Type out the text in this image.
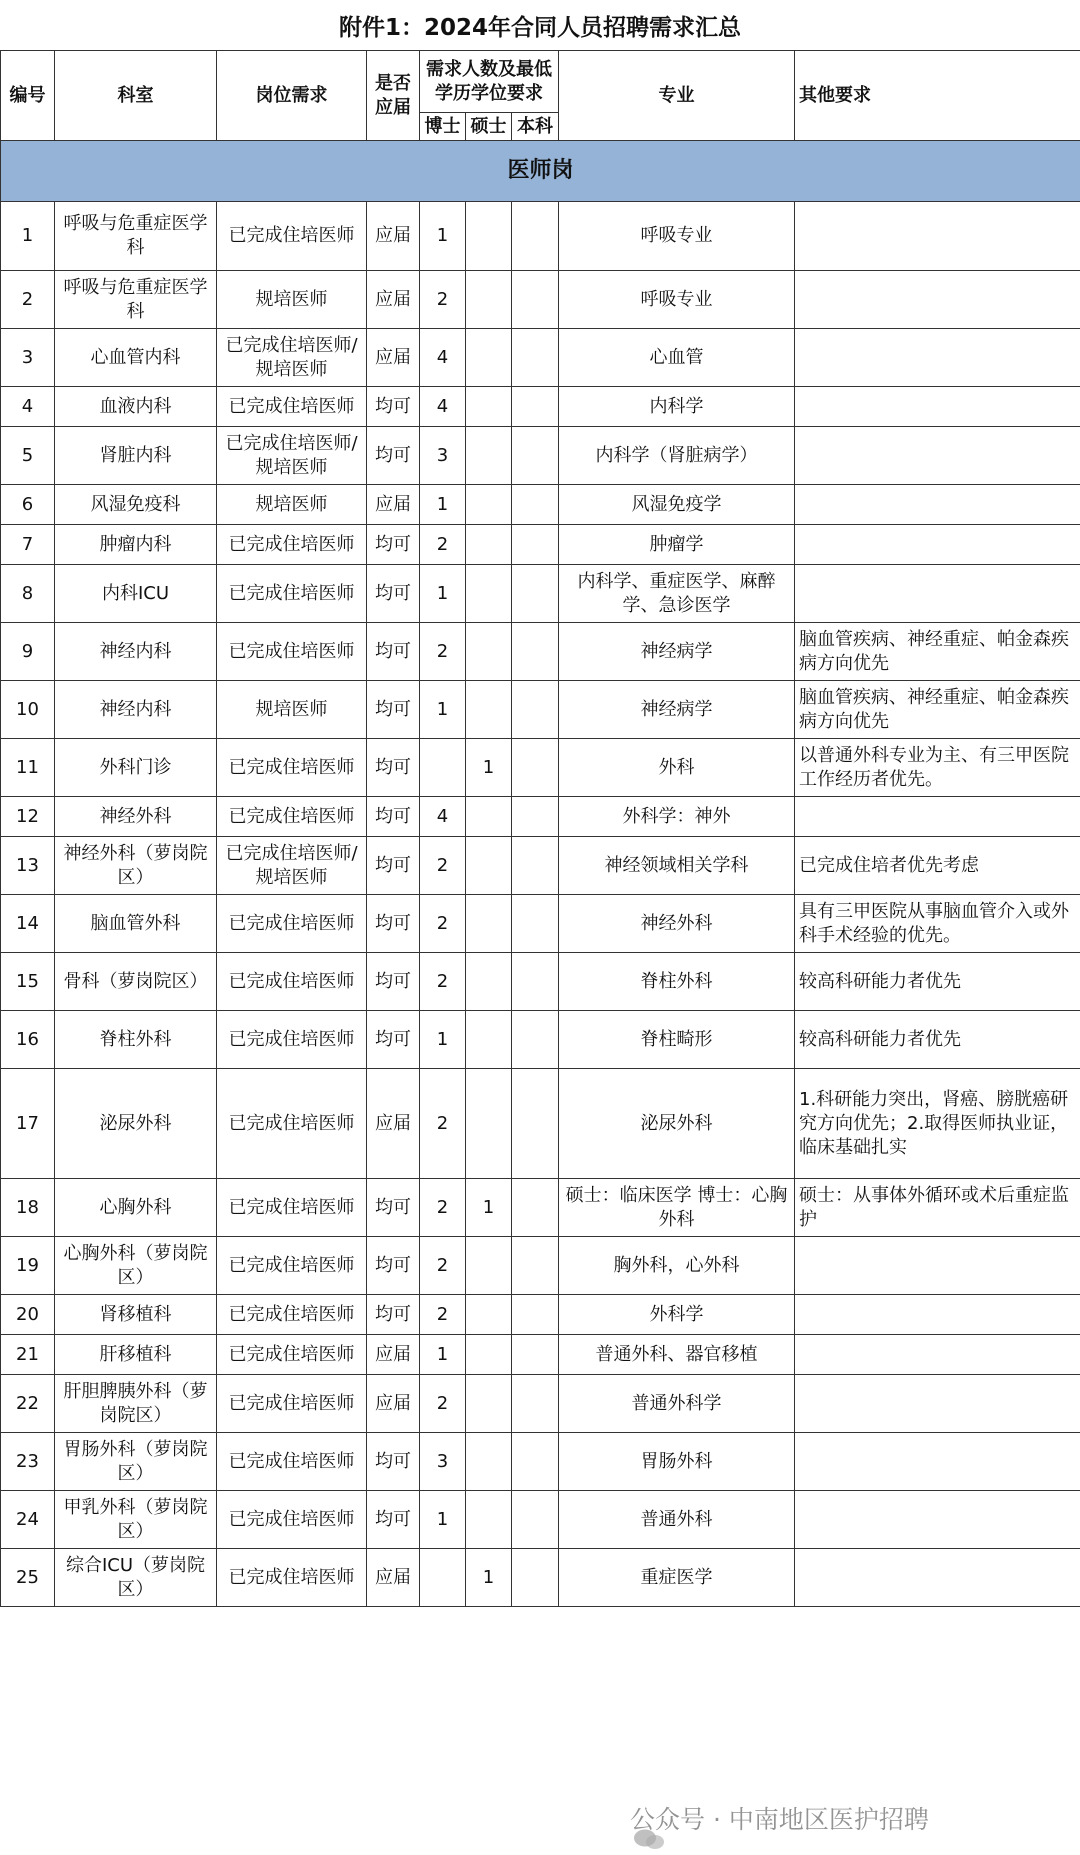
附件1：2024年合同人员招聘需求汇总
编号	科室	岗位需求	是否应届	需求人数及最低学历学位要求			专业	其他要求
				博士	硕士	本科		
医师岗								
1	呼吸与危重症医学科	已完成住培医师	应届	1			呼吸专业	
2	呼吸与危重症医学科	规培医师	应届	2			呼吸专业	
3	心血管内科	已完成住培医师/规培医师	应届	4			心血管	
4	血液内科	已完成住培医师	均可	4			内科学	
5	肾脏内科	已完成住培医师/规培医师	均可	3			内科学（肾脏病学）	
6	风湿免疫科	规培医师	应届	1			风湿免疫学	
7	肿瘤内科	已完成住培医师	均可	2			肿瘤学	
8	内科ICU	已完成住培医师	均可	1			内科学、重症医学、麻醉学、急诊医学	
9	神经内科	已完成住培医师	均可	2			神经病学	脑血管疾病、神经重症、帕金森疾病方向优先
10	神经内科	规培医师	均可	1			神经病学	脑血管疾病、神经重症、帕金森疾病方向优先
11	外科门诊	已完成住培医师	均可		1		外科	以普通外科专业为主、有三甲医院工作经历者优先。
12	神经外科	已完成住培医师	均可	4			外科学：神外	
13	神经外科（萝岗院区）	已完成住培医师/规培医师	均可	2			神经领域相关学科	已完成住培者优先考虑
14	脑血管外科	已完成住培医师	均可	2			神经外科	具有三甲医院从事脑血管介入或外科手术经验的优先。
15	骨科（萝岗院区）	已完成住培医师	均可	2			脊柱外科	较高科研能力者优先
16	脊柱外科	已完成住培医师	均可	1			脊柱畸形	较高科研能力者优先
17	泌尿外科	已完成住培医师	应届	2			泌尿外科	1.科研能力突出，肾癌、膀胱癌研究方向优先；2.取得医师执业证，临床基础扎实
18	心胸外科	已完成住培医师	均可	2	1		硕士：临床医学 博士：心胸外科	硕士：从事体外循环或术后重症监护
19	心胸外科（萝岗院区）	已完成住培医师	均可	2			胸外科，心外科	
20	肾移植科	已完成住培医师	均可	2			外科学	
21	肝移植科	已完成住培医师	应届	1			普通外科、器官移植	
22	肝胆脾胰外科（萝岗院区）	已完成住培医师	应届	2			普通外科学	
23	胃肠外科（萝岗院区）	已完成住培医师	均可	3			胃肠外科	
24	甲乳外科（萝岗院区）	已完成住培医师	均可	1			普通外科	
25	综合ICU（萝岗院区）	已完成住培医师	应届		1		重症医学	
公众号 · 中南地区医护招聘
